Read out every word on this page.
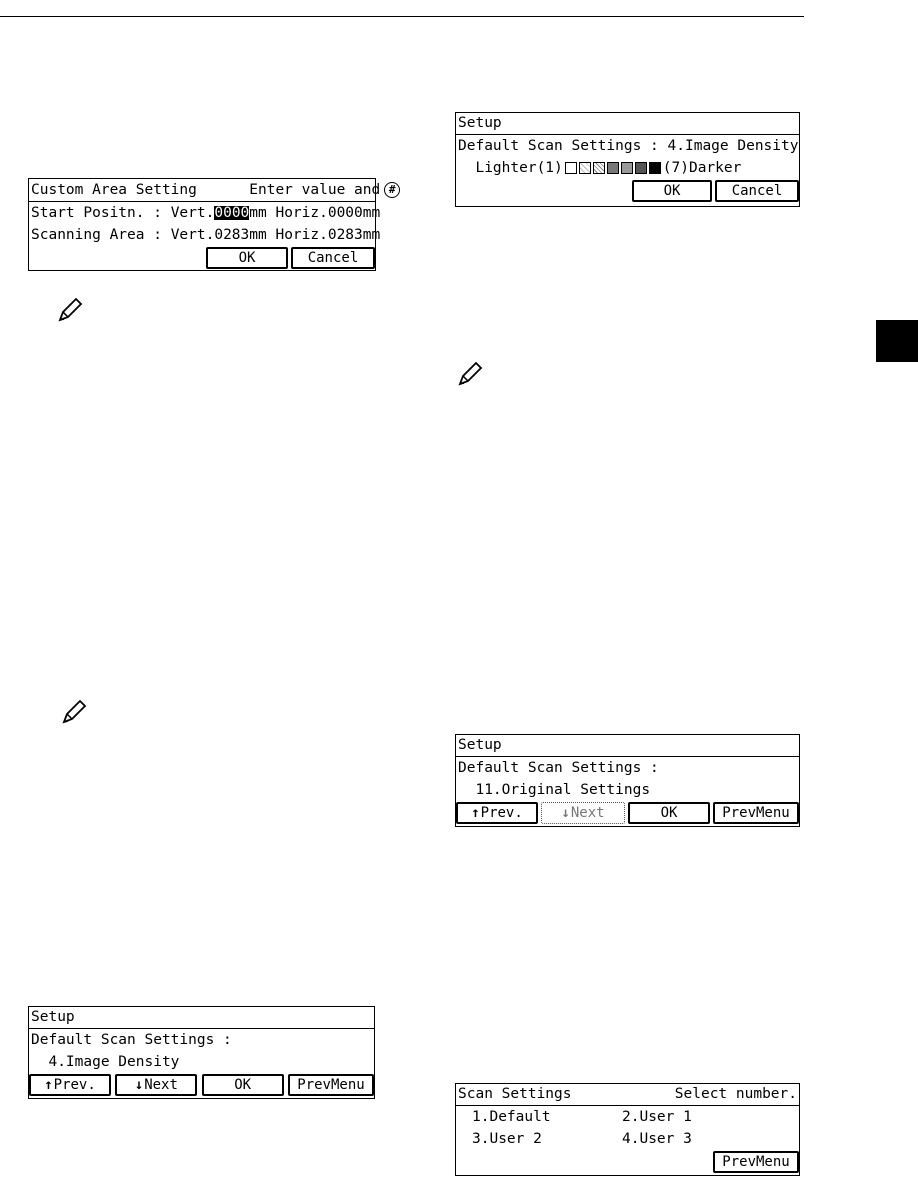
Custom Area Setting	Enter value and #

Start Positn. : Vert. 0000 mm Horiz.0000mm
Scanning Area : Vert.0283mm Horiz.0283mm
OK	Cancel
Setup
Default Scan Settings : 4.Image Density

Lighter(1)	(7)Darker
OK	Cancel
Setup
Default Scan Settings :

11.Original Settings
↑
Prev. ↓	Next	OK	PrevMenu
Setup
Default Scan Settings :

4.Image Density
↑
Prev. ↓	Next	OK	PrevMenu
Scan Settings	Select number.
1.Default	2.User 1
3.User 2	4.User 3
PrevMenu
